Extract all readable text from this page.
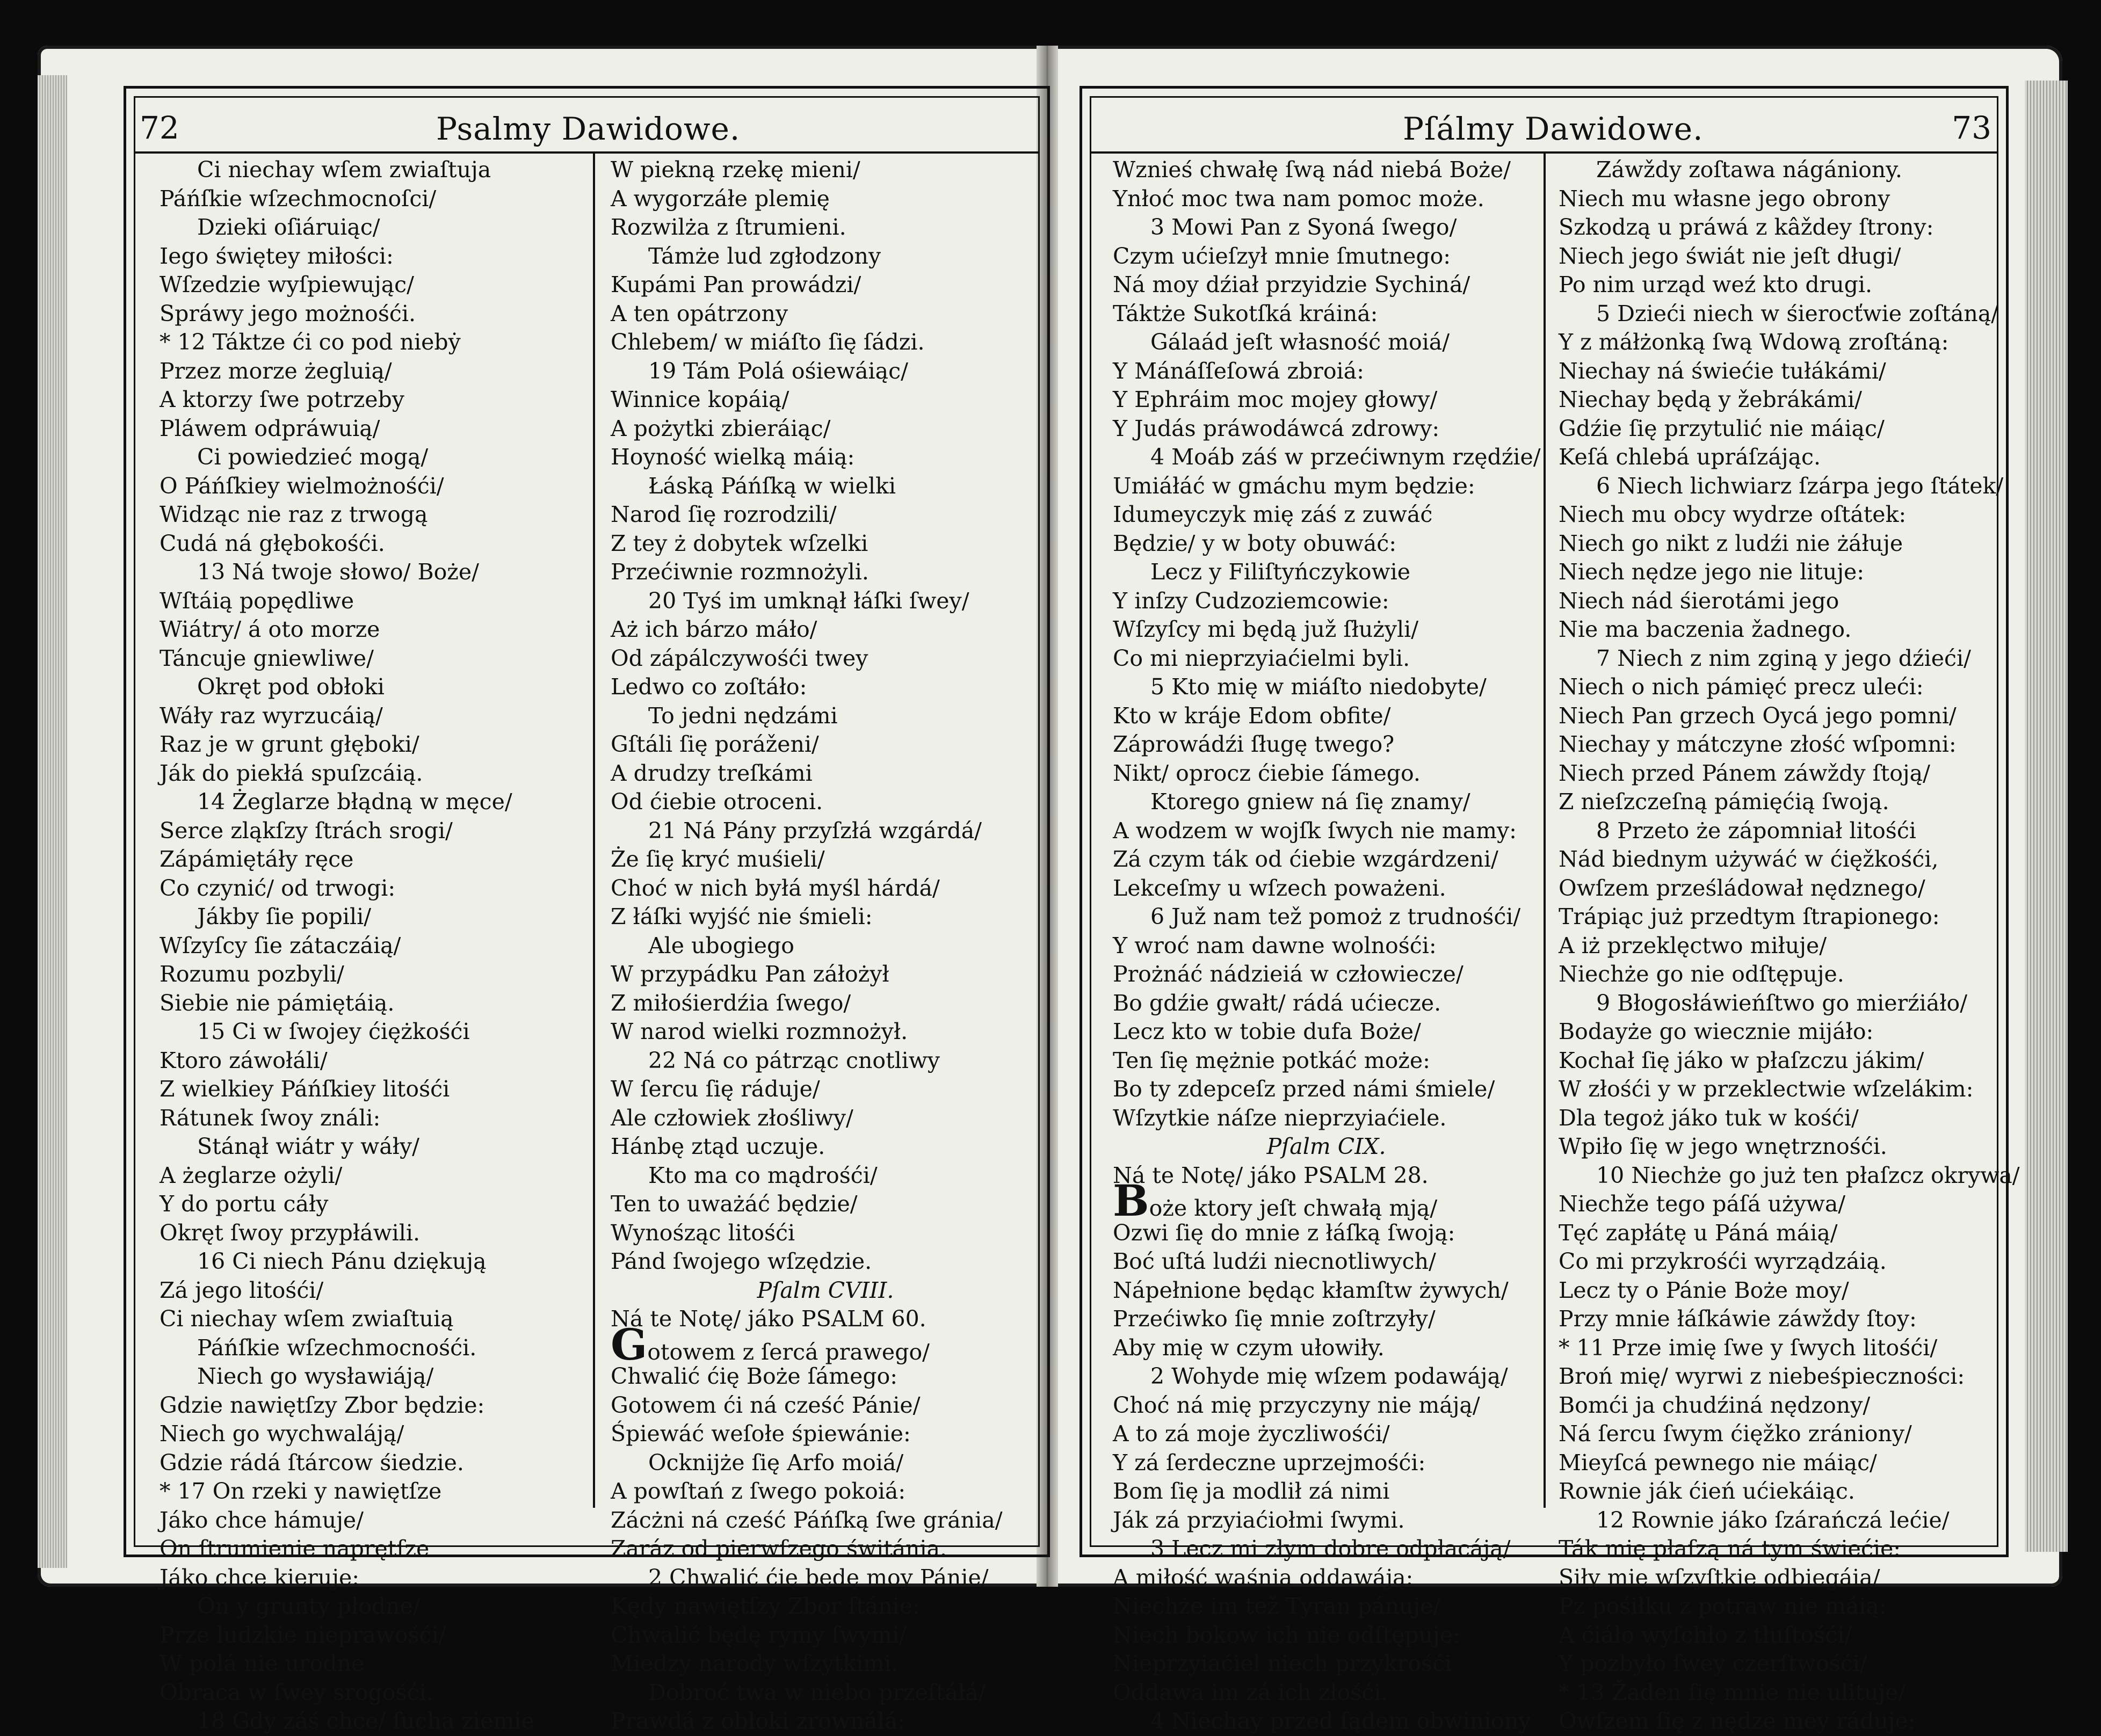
72	Psalmy Dawidowe.
Ci niechay wſem zwiaſtuja
Páńſkie wſzechmocnoſci/
Dzieki oſiáruiąc/
Iego świętey miłości:
Wſzedzie wyſpiewując/
Spráwy jego możnośći.
* 12 Táktze ći co pod niebẏ
Przez morze żegluią/
A ktorzy ſwe potrzeby
Pláwem odpráwuią/
Ci powiedzieć mogą/
O Páńſkiey wielmożnośći/
Widząc nie raz z trwogą
Cudá ná głębokośći.
13 Ná twoje słowo/ Boże/
Wſtáią popędliwe
Wiátry/ á oto morze
Táncuje gniewliwe/
Okręt pod obłoki
Wáły raz wyrzucáią/
Raz je w grunt głęboki/
Ják do piekłá spuſzcáią.
14 Żeglarze błądną w męce/
Serce zląkſzy ſtrách srogi/
Zápámiętáły ręce
Co czynić/ od trwogi:
Jákby ſie popili/
Wſzyſcy ſie zátaczáią/
Rozumu pozbyli/
Siebie nie pámiętáią.
15 Ci w ſwojey ćiężkośći
Ktoro záwołáli/
Z wielkiey Páńſkiey litośći
Rátunek ſwoy ználi:
Stánął wiátr y wáły/
A żeglarze ożyli/
Y do portu cáły
Okręt ſwoy przypłáwili.
16 Ci niech Pánu dziękują
Zá jego litośći/
Ci niechay wſem zwiaſtuią
Páńſkie wſzechmocnośći.
Niech go wysławiáją/
Gdzie nawiętſzy Zbor będzie:
Niech go wychwaláją/
Gdzie rádá ſtárcow śiedzie.
* 17 On rzeki y nawiętſze
Jáko chce hámuje/
On ſtrumienie naprętſze
Jáko chce kieruje:
On y grunty płodne/
Prze ludzkie nieprawośći/
W polá nie urodne
Obraca w ſwey srogośći.
18 Gdy záś chce/ ſucha ziemie
W piekną rzekę mieni/
A wygorzáłe plemię
Rozwilża z ſtrumieni.
Támże lud zgłodzony
Kupámi Pan prowádzi/
A ten opátrzony
Chlebem/ w miáſto ſię ſádzi.
19 Tám Polá ośiewáiąc/
Winnice kopáią/
A pożytki zbieráiąc/
Hoyność wielką máią:
Łáską Páńſką w wielki
Narod ſię rozrodzili/
Z tey ż dobytek wſzelki
Przećiwnie rozmnożyli.
20 Tyś im umknął łáſki ſwey/
Aż ich bárzo máło/
Od zápálczywośći twey
Ledwo co zoſtáło:
To jedni nędzámi
Gſtáli ſię poráženi/
A drudzy treſkámi
Od ćiebie otroceni.
21 Ná Pány przyſzłá wzgárdá/
Że ſię kryć muśieli/
Choć w nich byłá myśl hárdá/
Z łáſki wyjść nie śmieli:
Ale ubogiego
W przypádku Pan záłożył
Z miłośierdźia ſwego/
W narod wielki rozmnożył.
22 Ná co pátrząc cnotliwy
W ſercu ſię ráduje/
Ale człowiek złośliwy/
Hánbę ztąd uczuje.
Kto ma co mądrośći/
Ten to uważáć będzie/
Wynośząc litośći
Pánd ſwojego wſzędzie.
Pſalm CVIII.
Ná te Notę/ jáko PSALM 60.
Gotowem z ſercá prawego/
Chwalić ćię Boże ſámego:
Gotowem ći ná cześć Pánie/
Śpiewáć weſołe śpiewánie:
Ocknijże ſię Arfo moiá/
A powſtań z ſwego pokoiá:
Zácżni ná cześć Páńſką ſwe gránia/
Zaráz od pierwſzego świtánia.
2 Chwalić ćię będę moy Pánie/
Kędy nawiętſzy Zbor ſtánie:
Chwalić będę rymy ſwymi/
Miedzy narody wſzytkimi.
Dobroć twa w niebo przeſtáłá/
Prawdá z obłoki zrownáłá:
Pſálmy Dawidowe.	73
Wznieś chwałę ſwą nád niebá Boże/
Ynłoć moc twa nam pomoc może.
3 Mowi Pan z Syoná ſwego/
Czym ućieſzył mnie ſmutnego:
Ná moy dźiał przyidzie Sychiná/
Táktże Sukotſká kráiná:
Gálaád jeſt własność moiá/
Y Mánáſſeſowá zbroiá:
Y Ephráim moc mojey głowy/
Y Judás práwodáwcá zdrowy:
4 Moáb záś w przećiwnym rzędźie/
Umiáłáć w gmáchu mym będzie:
Idumeyczyk mię záś z zuwáć
Będzie/ y w boty obuwáć:
Lecz y Filiſtyńczykowie
Y inſzy Cudzoziemcowie:
Wſzyſcy mi będą juž ſłużyli/
Co mi nieprzyiaćielmi byli.
5 Kto mię w miáſto niedobyte/
Kto w kráje Edom obfite/
Záprowádźi ſługę twego?
Nikt/ oprocz ćiebie ſámego.
Ktorego gniew ná ſię znamy/
A wodzem w wojſk ſwych nie mamy:
Zá czym ták od ćiebie wzgárdzeni/
Lekceſmy u wſzech poważeni.
6 Juž nam tež pomoż z trudnośći/
Y wroć nam dawne wolnośći:
Prożnáć nádzieiá w człowiecze/
Bo gdźie gwałt/ rádá ućiecze.
Lecz kto w tobie dufa Boże/
Ten ſię mężnie potkáć może:
Bo ty zdepceſz przed námi śmiele/
Wſzytkie náſze nieprzyiaćiele.
Pſalm CIX.
Ná te Notę/ jáko PSALM 28.
Boże ktory jeſt chwałą mją/
Ozwi ſię do mnie z łáſką ſwoją:
Boć uſtá ludźi niecnotliwych/
Nápełnione będąc kłamſtw żywych/
Przećiwko ſię mnie zoſtrzyły/
Aby mię w czym ułowiły.
2 Wohyde mię wſzem podawáją/
Choć ná mię przyczyny nie máją/
A to zá moje życzliwośći/
Y zá ſerdeczne uprzejmośći:
Bom ſię ja modlił zá nimi
Ják zá przyiaćiołmi ſwymi.
3 Lecz mi złym dobre odpłacáją/
A miłość waśnią oddawáją:
Niechże im tež Tyran pánuje/
Niech bokow ich nie odſtępuje:
Nieprzyiaćiel niech przykrośći
Oddawa im zá ich złośći.
4 Niechay przed ſądem obwiniony
Záwždy zoſtawa nágániony.
Niech mu własne jego obrony
Szkodzą u práwá z kâždey ſtrony:
Niech jego świát nie jeſt długi/
Po nim urząd weź kto drugi.
5 Dzieći niech w śierocťwie zoſtáną/
Y z máłżonką ſwą Wdową zroſtáną:
Niechay ná świećie tułákámi/
Niechay będą y žebrákámi/
Gdźie ſię przytulić nie máiąc/
Keſá chlebá upráſzájąc.
6 Niech lichwiarz ſzárpa jego ſtátek/
Niech mu obcy wydrze oſtátek:
Niech go nikt z ludźi nie żáłuje
Niech nędze jego nie lituje:
Niech nád śierotámi jego
Nie ma baczenia žadnego.
7 Niech z nim zginą y jego dźieći/
Niech o nich pámięć precz uleći:
Niech Pan grzech Oycá jego pomni/
Niechay y mátczyne złość wſpomni:
Niech przed Pánem záwždy ſtoją/
Z nieſzczeſną pámięćią ſwoją.
8 Przeto że zápomniał litośći
Nád biednym używáć w ćięžkośći,
Owſzem prześládował nędznego/
Trápiąc już przedtym ſtrapionego:
A iż przeklęctwo miłuje/
Niechże go nie odſtępuje.
9 Błogosłáwieńſtwo go mierźiáło/
Bodayże go wiecznie mijáło:
Kochał ſię jáko w płaſzczu jákim/
W złośći y w przeklectwie wſzelákim:
Dla tegoż jáko tuk w kośći/
Wpiło ſię w jego wnętrznośći.
10 Niechże go już ten płaſzcz okrywa/
Niechže tego páſá używa/
Tęć zapłátę u Páná máią/
Co mi przykrośći wyrządzáią.
Lecz ty o Pánie Boże moy/
Przy mnie łáſkáwie záwždy ſtoy:
* 11 Prze imię ſwe y ſwych litośći/
Broń mię/ wyrwi z niebeśpieczności:
Bomći ja chudźiná nędzony/
Ná ſercu ſwym ćięžko zrániony/
Mieyſcá pewnego nie máiąc/
Rownie ják ćień ućiekáiąc.
12 Rownie jáko ſzárańczá lećie/
Ták mię płaſzą ná tym świećie:
Siły mię wſzyſtkie odbiegáią/
Pz pośiłku z potraw nie máią:
A ćiáło wyſchło z tłuſtośći/
Y pozbyło ſwey czerſtwośći/
* 13 Žaden ſię mnie nie ulituje/
Owſzem ſię z nędze mey ráduje:
